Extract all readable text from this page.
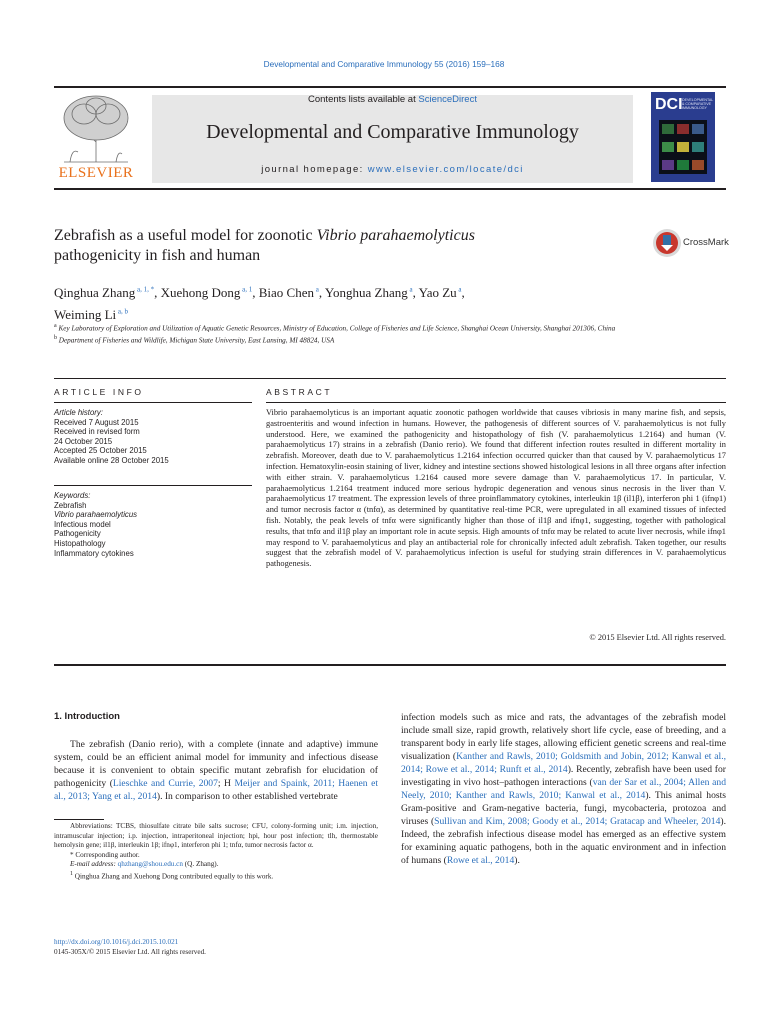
Developmental and Comparative Immunology 55 (2016) 159–168
ELSEVIER
Contents lists available at ScienceDirect
Developmental and Comparative Immunology
journal homepage: www.elsevier.com/locate/dci
DCI DEVELOPMENTAL & COMPARATIVE IMMUNOLOGY
Zebrafish as a useful model for zoonotic Vibrio parahaemolyticus
pathogenicity in fish and human
CrossMark
Qinghua Zhang $^{a, 1, *}$, Xuehong Dong $^{a, 1}$, Biao Chen $^a$, Yonghua Zhang $^a$, Yao Zu $^a$,
Weiming Li $^{a, b}$

$^a$ Key Laboratory of Exploration and Utilization of Aquatic Genetic Resources, Ministry of Education, College of Fisheries and Life Science, Shanghai Ocean University, Shanghai 201306, China

$^b$ Department of Fisheries and Wildlife, Michigan State University, East Lansing, MI 48824, USA

ARTICLE INFO	ABSTRACT
Article history:
Received 7 August 2015
Received in revised form
24 October 2015
Accepted 25 October 2015
Available online 28 October 2015
Keywords:
Zebrafish
Vibrio parahaemolyticus
Infectious model
Pathogenicity
Histopathology
Inflammatory cytokines
Vibrio parahaemolyticus is an important aquatic zoonotic pathogen worldwide that causes vibriosis in many marine fish, and sepsis, gastroenteritis and wound infection in humans. However, the pathogenesis of different sources of V. parahaemolyticus is not fully understood. Here, we examined the pathogenicity and histopathology of fish (V. parahaemolyticus 1.2164) and human (V. parahaemolyticus 17) strains in a zebrafish (Danio rerio). We found that different infection routes resulted in different mortality in zebrafish. Moreover, death due to V. parahaemolyticus 1.2164 infection occurred quicker than that caused by V. parahaemolyticus 17 infection. Hematoxylin-eosin staining of liver, kidney and intestine sections showed histological lesions in all three organs after infection with either strain. V. parahaemolyticus 1.2164 caused more severe damage than V. parahaemolyticus 17. In particular, V. parahaemolyticus 1.2164 treatment induced more serious hydropic degeneration and venous sinus necrosis in the liver than V. parahaemolyticus 17 treatment. The expression levels of three proinflammatory cytokines, interleukin 1β (il1β), interferon phi 1 (ifnφ1) and tumor necrosis factor α (tnfα), as determined by quantitative real-time PCR, were upregulated in all examined tissues of infected fish. Notably, the peak levels of tnfα were significantly higher than those of il1β and ifnφ1, suggesting, together with pathological results, that tnfα and il1β play an important role in acute sepsis. High amounts of tnfα may be related to acute liver necrosis, while ifnφ1 may respond to V. parahaemolyticus and play an antibacterial role for chronically infected adult zebrafish. Taken together, our results suggest that the zebrafish model of V. parahaemolyticus infection is useful for studying strain differences in V. parahaemolyticus pathogenesis.
© 2015 Elsevier Ltd. All rights reserved.
1. Introduction

The zebrafish (Danio rerio), with a complete (innate and adaptive) immune system, could be an efficient animal model for immunity and infectious disease because it is convenient to obtain specific mutant zebrafish for elucidation of pathogenicity (Lieschke and Currie, 2007; H Meijer and Spaink, 2011; Haenen et al., 2013; Yang et al., 2014). In comparison to other established vertebrate

Abbreviations: TCBS, thiosulfate citrate bile salts sucrose; CFU, colony-forming unit; i.m. injection, intramuscular injection; i.p. injection, intraperitoneal injection; hpi, hour post infection; tlh, thermostable hemolysin gene; il1β, interleukin 1β; ifnφ1, interferon phi 1; tnfα, tumor necrosis factor α.

* Corresponding author.

E-mail address: qhzhang@shou.edu.cn (Q. Zhang).

$^1$ Qinghua Zhang and Xuehong Dong contributed equally to this work.

http://dx.doi.org/10.1016/j.dci.2015.10.021
0145-305X/© 2015 Elsevier Ltd. All rights reserved.

infection models such as mice and rats, the advantages of the zebrafish model include small size, rapid growth, relatively short life cycle, ease of breeding, and a transparent body in early life stages, allowing efficient genetic screens and real-time visualization (Kanther and Rawls, 2010; Goldsmith and Jobin, 2012; Kanwal et al., 2014; Rowe et al., 2014; Runft et al., 2014). Recently, zebrafish have been used for investigating in vivo host–pathogen interactions (van der Sar et al., 2004; Allen and Neely, 2010; Kanther and Rawls, 2010; Kanwal et al., 2014). This animal hosts Gram-positive and Gram-negative bacteria, fungi, mycobacteria, protozoa and viruses (Sullivan and Kim, 2008; Goody et al., 2014; Gratacap and Wheeler, 2014). Indeed, the zebrafish infectious disease model has emerged as an effective system for examining aquatic pathogens, both in the aquatic environment and in infection of humans (Rowe et al., 2014).
